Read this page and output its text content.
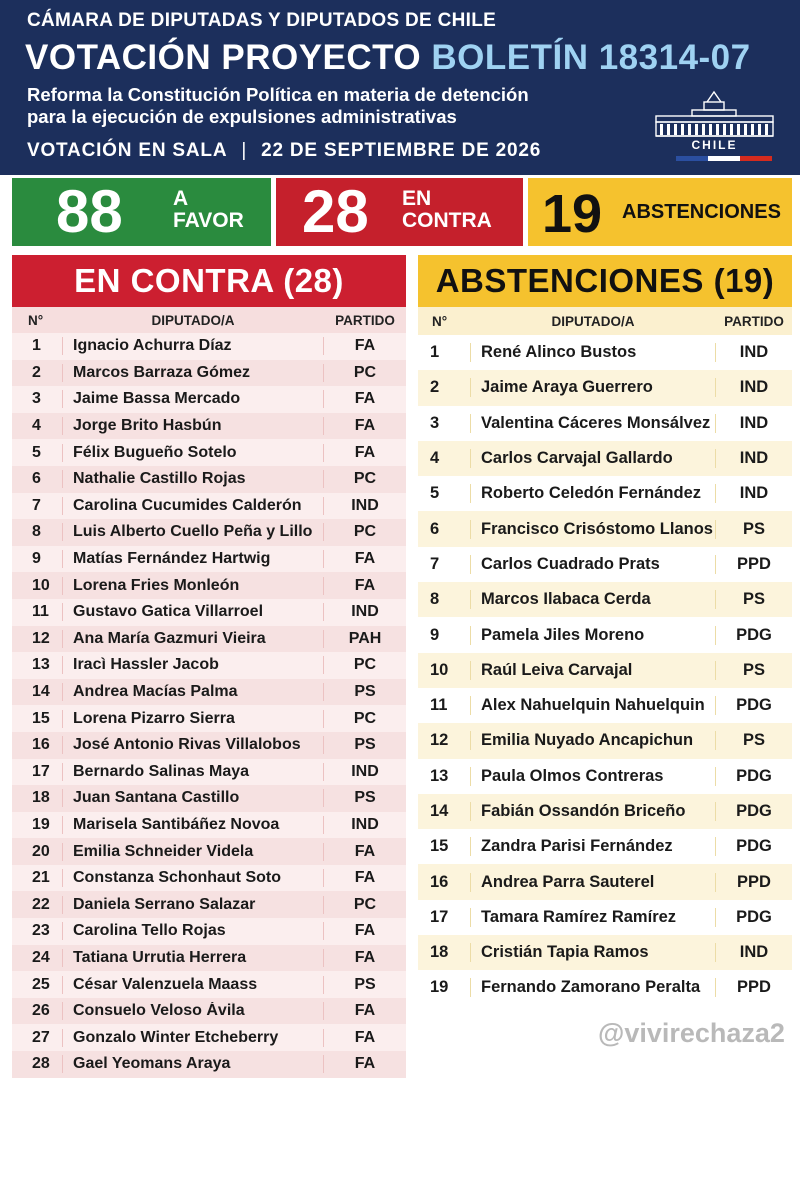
CÁMARA DE DIPUTADAS Y DIPUTADOS DE CHILE
VOTACIÓN PROYECTO BOLETÍN 18314-07
Reforma la Constitución Política en materia de detención
para la ejecución de expulsiones administrativas
VOTACIÓN EN SALA | 22 DE SEPTIEMBRE DE 2026	CHILE
88 A
FAVOR 28 EN
CONTRA 19 ABSTENCIONES
EN CONTRA (28)
N°	DIPUTADO/A	PARTIDO
1	Ignacio Achurra Díaz	FA
2	Marcos Barraza Gómez	PC
3	Jaime Bassa Mercado	FA
4	Jorge Brito Hasbún	FA
5	Félix Bugueño Sotelo	FA
6	Nathalie Castillo Rojas	PC
7	Carolina Cucumides Calderón	IND
8	Luis Alberto Cuello Peña y Lillo	PC
9	Matías Fernández Hartwig	FA
10	Lorena Fries Monleón	FA
11	Gustavo Gatica Villarroel	IND
12	Ana María Gazmuri Vieira	PAH
13	Iracì Hassler Jacob	PC
14	Andrea Macías Palma	PS
15	Lorena Pizarro Sierra	PC
16	José Antonio Rivas Villalobos	PS
17	Bernardo Salinas Maya	IND
18	Juan Santana Castillo	PS
19	Marisela Santibáñez Novoa	IND
20	Emilia Schneider Videla	FA
21	Constanza Schonhaut Soto	FA
22	Daniela Serrano Salazar	PC
23	Carolina Tello Rojas	FA
24	Tatiana Urrutia Herrera	FA
25	César Valenzuela Maass	PS
26	Consuelo Veloso Ávila	FA
27	Gonzalo Winter Etcheberry	FA
28	Gael Yeomans Araya	FA
ABSTENCIONES (19)
N°	DIPUTADO/A	PARTIDO
1	René Alinco Bustos	IND
2	Jaime Araya Guerrero	IND
3	Valentina Cáceres Monsálvez	IND
4	Carlos Carvajal Gallardo	IND
5	Roberto Celedón Fernández	IND
6	Francisco Crisóstomo Llanos	PS
7	Carlos Cuadrado Prats	PPD
8	Marcos Ilabaca Cerda	PS
9	Pamela Jiles Moreno	PDG
10	Raúl Leiva Carvajal	PS
11	Alex Nahuelquin Nahuelquin	PDG
12	Emilia Nuyado Ancapichun	PS
13	Paula Olmos Contreras	PDG
14	Fabián Ossandón Briceño	PDG
15	Zandra Parisi Fernández	PDG
16	Andrea Parra Sauterel	PPD
17	Tamara Ramírez Ramírez	PDG
18	Cristián Tapia Ramos	IND
19	Fernando Zamorano Peralta	PPD
@vivirechaza2
